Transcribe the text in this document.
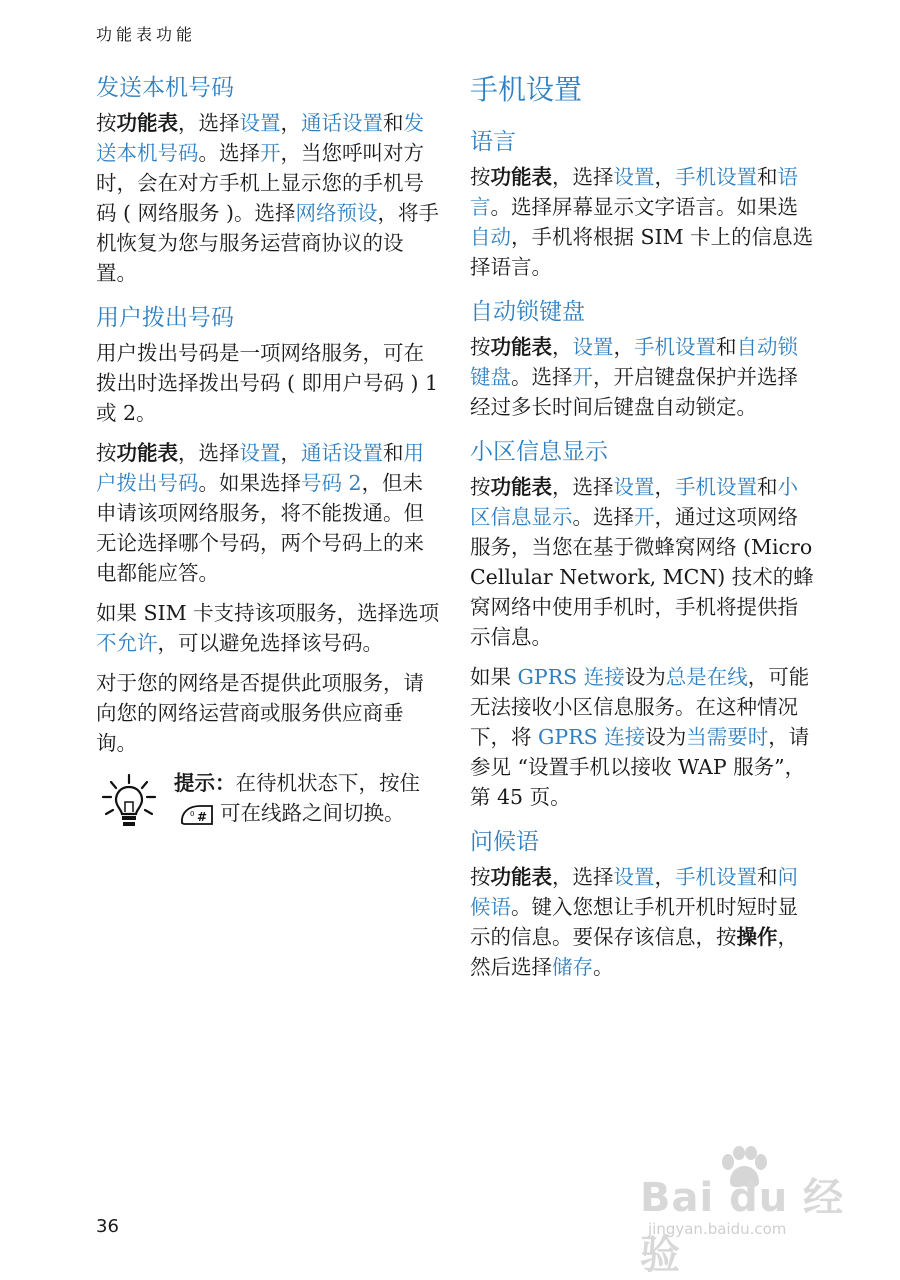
功能表功能
发送本机号码

按功能表，选择设置，通话设置和发送本机号码。选择开，当您呼叫对方时，会在对方手机上显示您的手机号码 ( 网络服务 )。选择网络预设，将手机恢复为您与服务运营商协议的设置。

用户拨出号码

用户拨出号码是一项网络服务，可在拨出时选择拨出号码 ( 即用户号码 ) 1 或 2。

按功能表，选择设置，通话设置和用户拨出号码。如果选择号码 2，但未申请该项网络服务，将不能拨通。但无论选择哪个号码，两个号码上的来电都能应答。

如果 SIM 卡支持该项服务，选择选项不允许，可以避免选择该号码。

对于您的网络是否提供此项服务，请向您的网络运营商或服务供应商垂询。

提示：在待机状态下，按住
0 # 可在线路之间切换。

手机设置
语言

按功能表，选择设置，手机设置和语言。选择屏幕显示文字语言。如果选自动，手机将根据 SIM 卡上的信息选择语言。

自动锁键盘

按功能表，设置，手机设置和自动锁键盘。选择开，开启键盘保护并选择经过多长时间后键盘自动锁定。

小区信息显示

按功能表，选择设置，手机设置和小区信息显示。选择开，通过这项网络服务，当您在基于微蜂窝网络 (Micro Cellular Network, MCN) 技术的蜂窝网络中使用手机时，手机将提供指示信息。

如果 GPRS 连接设为总是在线，可能无法接收小区信息服务。在这种情况下，将 GPRS 连接设为当需要时，请参见 “设置手机以接收 WAP 服务”，第 45 页。

问候语

按功能表，选择设置，手机设置和问候语。键入您想让手机开机时短时显示的信息。要保存该信息，按操作，然后选择储存。

36
Bai du 经验
jingyan.baidu.com
